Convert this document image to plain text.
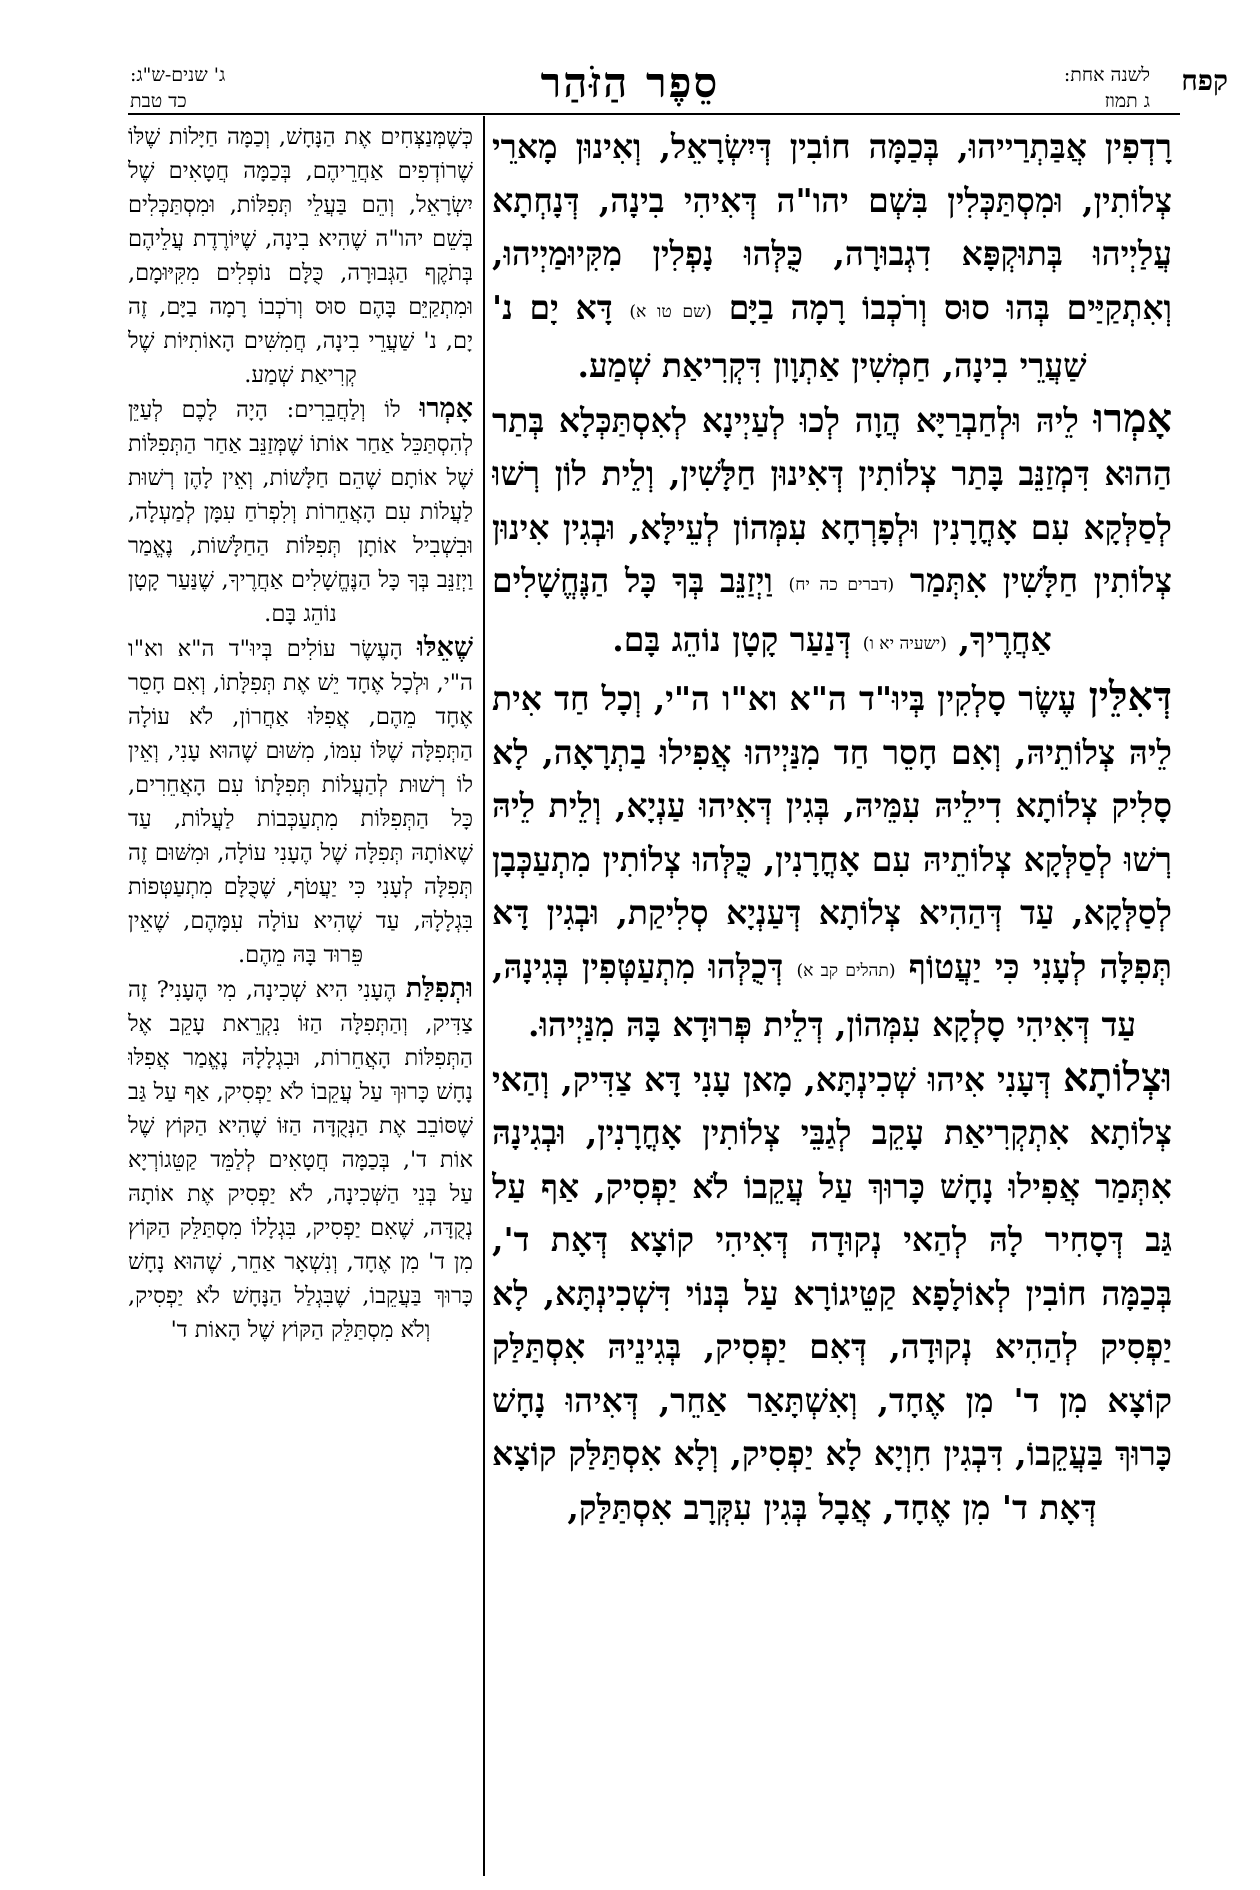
קפח
לשנה אחת:
ג תמוז
סֵפֶר הַזֹּהַר
ג' שנים-ש"ג:
כד טבת

רָדְפִין אֲבַּתְרַייהוּ, בְּכַמָּה חוֹבִין דְּיִשְׂרָאֵל, וְאִינוּן מָארֵי צְלוֹתִין, וּמִסְתַּכְּלִין בִּשְׁם יהו"ה דְּאִיהִי בִינָה, דְּנָחְתָא עֲלַיְיהוּ בְּתוּקְפָּא דִגְבוּרָה, כֻּלְּהוּ נָפְלִין מִקִּיוּמַיְיהוּ, וְאִתְקַיַּים בְּהוּ סוּס וְרֹכְבוֹ רָמָה בַיָּם (שם טו א) דָּא יָם נ' שַׁעֲרֵי בִינָה, חַמְשִׁין אַתְוָון דִּקְרִיאַת שְׁמַע.

אָמְרוּ לֵיהּ וּלְחַבְרַיָּא הֲוָה לְכוּ לְעַיְינָא לְאִסְתַּכְּלָא בְּתַר הַהוּא דִּמְזַנֵּב בָּתַר צְלוֹתִין דְּאִינוּן חַלָּשִׁין, וְלֵית לוֹן רְשׁוּ לְסַלְּקָא עִם אָחֳרָנִין וּלְפָרְחָא עִמְּהוֹן לְעֵילָּא, וּבְגִין אִינוּן צְלוֹתִין חַלָּשִׁין אִתְּמַר (דברים כה יח) וַיְזַנֵּב בְּךָ כָּל הַנֶּחֱשָׁלִים אַחֲרֶיךָ, (ישעיה יא ו) דְּנַעַר קָטָן נוֹהֵג בָּם.

דְּאִלֵּין עֶשֶׂר סָלְקִין בְּיוּ"ד ה"א וא"ו ה"י, וְכָל חַד אִית לֵיהּ צְלוֹתֵיהּ, וְאִם חָסֵר חַד מִנַּיְיהוּ אֲפִילוּ בַתְרָאָה, לָא סָלִיק צְלוֹתָא דִילֵיהּ עִמֵּיהּ, בְּגִין דְּאִיהוּ עַנְיָא, וְלֵית לֵיהּ רְשׁוּ לְסַלְּקָא צְלוֹתֵיהּ עִם אָחֳרָנִין, כֻּלְּהוּ צְלוֹתִין מִתְעַכְּבָן לְסַלְּקָא, עַד דְּהַהִיא צְלוֹתָא דְּעַנְיָא סְלִיקַת, וּבְגִין דָּא תְּפִלָּה לְעָנִי כִּי יַעֲטוֹף (תהלים קב א) דְּכֻלְּהוּ מִתְעַטְּפִין בְּגִינָהּ, עַד דְּאִיהִי סָלְקָא עִמְּהוֹן, דְּלֵית פְּרוּדָא בָּהּ מִנַּיְיהוּ.

וּצְלוֹתָא דְּעָנִי אִיהוּ שְׁכִינְתָּא, מָאן עָנִי דָּא צַדִּיק, וְהַאי צְלוֹתָא אִתְקְרִיאַת עָקֵב לְגַבֵּי צְלוֹתִין אָחֳרָנִין, וּבְגִינָהּ אִתְּמַר אֲפִילוּ נָחָשׁ כָּרוּךְ עַל עֲקֵבוֹ לֹא יַפְסִיק, אַף עַל גַּב דְּסָחִיר לָהּ לְהַאי נְקוּדָה דְּאִיהִי קוֹצָא דְּאָת ד', בְּכַמָּה חוֹבִין לְאוֹלָפָא קַטֵּיגוֹרָא עַל בְּנוֹי דִּשְׁכִינְתָּא, לָא יַפְסִיק לְהַהִיא נְקוּדָה, דְּאִם יַפְסִיק, בְּגִינֵיהּ אִסְתַּלַּק קוֹצָא מִן ד' מִן אֶחָד, וְאִשְׁתָּאַר אַחֵר, דְּאִיהוּ נָחָשׁ כָּרוּךְ בַּעֲקֵבוֹ, דִּבְגִין חִוְיָא לָא יַפְסִיק, וְלָא אִסְתַּלַּק קוֹצָא דְּאָת ד' מִן אֶחָד, אֲבָל בְּגִין עִקְּרָב אִסְתַּלַּק,

כְּשֶׁמְּנַצְּחִים אֶת הַנָּחָשׁ, וְכַמָּה חַיָּלוֹת שֶׁלּוֹ שֶׁרוֹדְפִים אַחֲרֵיהֶם, בְּכַמָּה חֲטָאִים שֶׁל יִשְׂרָאֵל, וְהֵם בַּעֲלֵי תְּפִלּוֹת, וּמִסְתַּכְּלִים בְּשֵׁם יהו"ה שֶׁהִיא בִינָה, שֶׁיּוֹרֶדֶת עֲלֵיהֶם בְּתֹקֶף הַגְּבוּרָה, כֻּלָּם נוֹפְלִים מִקִּיּוּמָם, וּמִתְקַיֵּם בָּהֶם סוּס וְרֹכְבוֹ רָמָה בַיָּם, זֶה יָם, נ' שַׁעֲרֵי בִינָה, חֲמִשִּׁים הָאוֹתִיּוֹת שֶׁל קְרִיאַת שְׁמַע.

אָמְרוּ לוֹ וְלַחֲבֵרִים: הָיָה לָכֶם לְעַיֵּן לְהִסְתַּכֵּל אַחַר אוֹתוֹ שֶׁמְּזַנֵּב אַחַר הַתְּפִלּוֹת שֶׁל אוֹתָם שֶׁהֵם חַלָּשׁוֹת, וְאֵין לָהֶן רְשׁוּת לַעֲלוֹת עִם הָאֲחֵרוֹת וְלִפְרֹחַ עִמָּן לְמַעְלָה, וּבִשְׁבִיל אוֹתָן תְּפִלּוֹת הַחַלָּשׁוֹת, נֶאֱמַר וַיְזַנֵּב בְּךָ כָּל הַנֶּחֱשָׁלִים אַחֲרֶיךָ, שֶׁנַּעַר קָטָן נוֹהֵג בָּם.

שֶׁאֵלּוּ הָעֶשֶׂר עוֹלִים בְּיוּ"ד ה"א וא"ו ה"י, וּלְכָל אֶחָד יֵשׁ אֶת תְּפִלָּתוֹ, וְאִם חָסֵר אֶחָד מֵהֶם, אֲפִלּוּ אַחֲרוֹן, לֹא עוֹלָה הַתְּפִלָּה שֶׁלּוֹ עִמּוֹ, מִשּׁוּם שֶׁהוּא עָנִי, וְאֵין לוֹ רְשׁוּת לְהַעֲלוֹת תְּפִלָּתוֹ עִם הָאֲחֵרִים, כָּל הַתְּפִלּוֹת מִתְעַכְּבוֹת לַעֲלוֹת, עַד שֶׁאוֹתָהּ תְּפִלָּה שֶׁל הֶעָנִי עוֹלָה, וּמִשּׁוּם זֶה תְּפִלָּה לְעָנִי כִּי יַעֲטֹף, שֶׁכֻּלָּם מִתְעַטְּפוֹת בִּגְלָלָהּ, עַד שֶׁהִיא עוֹלָה עִמָּהֶם, שֶׁאֵין פֵּרוּד בָּהּ מֵהֶם.

וּתְפִלַּת הֶעָנִי הִיא שְׁכִינָה, מִי הֶעָנִי? זֶה צַדִּיק, וְהַתְּפִלָּה הַזּוֹ נִקְרֵאת עָקֵב אֶל הַתְּפִלּוֹת הָאֲחֵרוֹת, וּבִגְלָלָהּ נֶאֱמַר אֲפִלּוּ נָחָשׁ כָּרוּךְ עַל עֲקֵבוֹ לֹא יַפְסִיק, אַף עַל גַּב שֶׁסּוֹבֵב אֶת הַנְּקֻדָּה הַזּוֹ שֶׁהִיא הַקּוֹץ שֶׁל אוֹת ד', בְּכַמָּה חֲטָאִים לְלַמֵּד קַטֵּגוֹרְיָא עַל בְּנֵי הַשְּׁכִינָה, לֹא יַפְסִיק אֶת אוֹתָהּ נְקֻדָּה, שֶׁאִם יַפְסִיק, בִּגְלָלוֹ מִסְתַּלֵּק הַקּוֹץ מִן ד' מִן אֶחָד, וְנִשְׁאָר אַחֵר, שֶׁהוּא נָחָשׁ כָּרוּךְ בַּעֲקֵבוֹ, שֶׁבִּגְלַל הַנָּחָשׁ לֹא יַפְסִיק, וְלֹא מִסְתַּלֵּק הַקּוֹץ שֶׁל הָאוֹת ד'
